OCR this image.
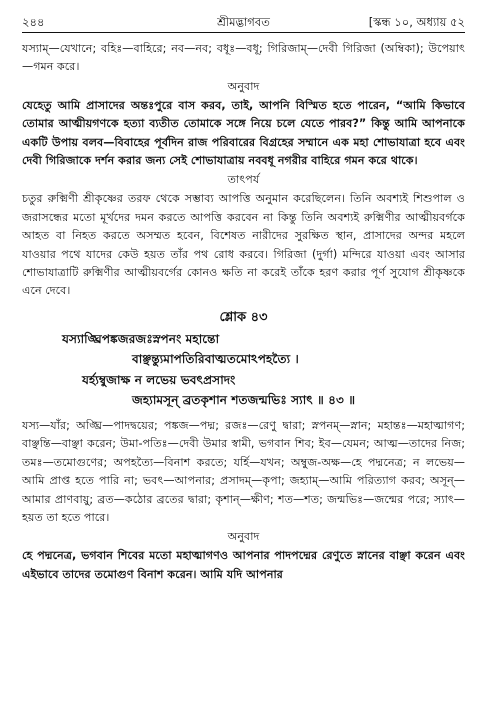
২৪৪	শ্রীমদ্ভাগবত	[স্কন্ধ ১০, অধ্যায় ৫২

যস্যাম্—যেখানে; বহিঃ—বাহিরে; নব—নব; বধূঃ—বধূ; গিরিজাম্—দেবী গিরিজা (অম্বিকা); উপেয়াৎ—গমন করে।

অনুবাদ

যেহেতু আমি প্রাসাদের অন্তঃপুরে বাস করব, তাই, আপনি বিস্মিত হতে পারেন, “আমি কিভাবে তোমার আত্মীয়গণকে হত্যা ব্যতীত তোমাকে সঙ্গে নিয়ে চলে যেতে পারব?” কিন্তু আমি আপনাকে একটি উপায় বলব—বিবাহের পূর্বদিন রাজ পরিবারের বিগ্রহের সম্মানে এক মহা শোভাযাত্রা হবে এবং দেবী গিরিজাকে দর্শন করার জন্য সেই শোভাযাত্রায় নববধূ নগরীর বাহিরে গমন করে থাকে।

তাৎপর্য

চতুর রুক্মিণী শ্রীকৃষ্ণের তরফ থেকে সম্ভাব্য আপত্তি অনুমান করেছিলেন। তিনি অবশ্যই শিশুপাল ও জরাসন্ধের মতো মূর্খদের দমন করতে আপত্তি করবেন না কিন্তু তিনি অবশ্যই রুক্মিণীর আত্মীয়বর্গকে আহত বা নিহত করতে অসম্মত হবেন, বিশেষত নারীদের সুরক্ষিত স্থান, প্রাসাদের অন্দর মহলে যাওয়ার পথে যাদের কেউ হয়ত তাঁর পথ রোধ করবে। গিরিজা (দুর্গা) মন্দিরে যাওয়া এবং আসার শোভাযাত্রাটি রুক্মিণীর আত্মীয়বর্গের কোনও ক্ষতি না করেই তাঁকে হরণ করার পূর্ণ সুযোগ শ্রীকৃষ্ণকে এনে দেবে।

শ্লোক ৪৩
যস্যাঙ্ঘ্রিপঙ্কজরজঃস্নপনং মহান্তো
বাঞ্ছন্ত্যুমাপতিরিবাত্মতমোঽপহত্যৈ ।
যর্হ্যম্বুজাক্ষ ন লভেয় ভবৎপ্রসাদং
জহ্যামসূন্ ব্রতকৃশান শতজন্মভিঃ স্যাৎ ॥ ৪৩ ॥

যস্য—যাঁর; অঙ্ঘ্রি—পাদদ্বয়ের; পঙ্কজ—পদ্ম; রজঃ—রেণু দ্বারা; স্নপনম্—স্নান; মহান্তঃ—মহাত্মাগণ; বাঞ্ছন্তি—বাঞ্ছা করেন; উমা-পতিঃ—দেবী উমার স্বামী, ভগবান শিব; ইব—যেমন; আত্ম—তাদের নিজ; তমঃ—তমোগুণের; অপহত্যৈ—বিনাশ করতে; যর্হি—যখন; অম্বুজ-অক্ষ—হে পদ্মনেত্র; ন লভেয়—আমি প্রাপ্ত হতে পারি না; ভবৎ—আপনার; প্রসাদম্—কৃপা; জহ্যাম্—আমি পরিত্যাগ করব; অসূন্—আমার প্রাণবায়ু; ব্রত—কঠোর ব্রতের দ্বারা; কৃশান্—ক্ষীণ; শত—শত; জন্মভিঃ—জন্মের পরে; স্যাৎ—হয়ত তা হতে পারে।

অনুবাদ

হে পদ্মনেত্র, ভগবান শিবের মতো মহাত্মাগণও আপনার পাদপদ্মের রেণুতে স্নানের বাঞ্ছা করেন এবং এইভাবে তাদের তমোগুণ বিনাশ করেন। আমি যদি আপনার
